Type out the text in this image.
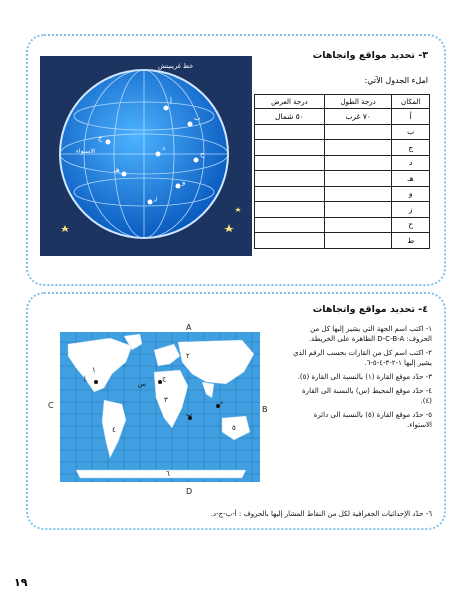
٣- تحديد مواقع واتجاهات
املء الجدول الآتي:
أ
ب
ج
د
هـ
و
ز
ح
خط غرينيتش
الاستواء
المكان	درجة الطول	درجة العرض
أ	٧٠ غرب	٥٠ شمال
ب		
ج		
د		
هـ		
و		
ز		
ح		
ط		
٤- تحديد مواقع واتجاهات
A
B
C
D
١
٢
٣
٤	٥
٦
أ
ب
ج
د
س

١- اكتب اسم الجهة التي يشير إليها كل من الحروف: D-C-B-A الظاهرة على الخريطة.

٢- اكتب اسم كل من القارات بحسب الرقم الذي يشير إليها ١-٢-٣-٤-٥-٦.

٣- حدّد موقع القارة (١) بالنسبة الى القارة (٥).

٤- حدّد موقع المحيط (س) بالنسبة الى القارة (٤).

٥- حدّد موقع القارة (٥) بالنسبة الى دائرة الاستواء.

٦- حدّد الإحداثيات الجغرافية لكل من النقاط المشار إليها بالحروف : أ-ب-ج-د.
١٩
